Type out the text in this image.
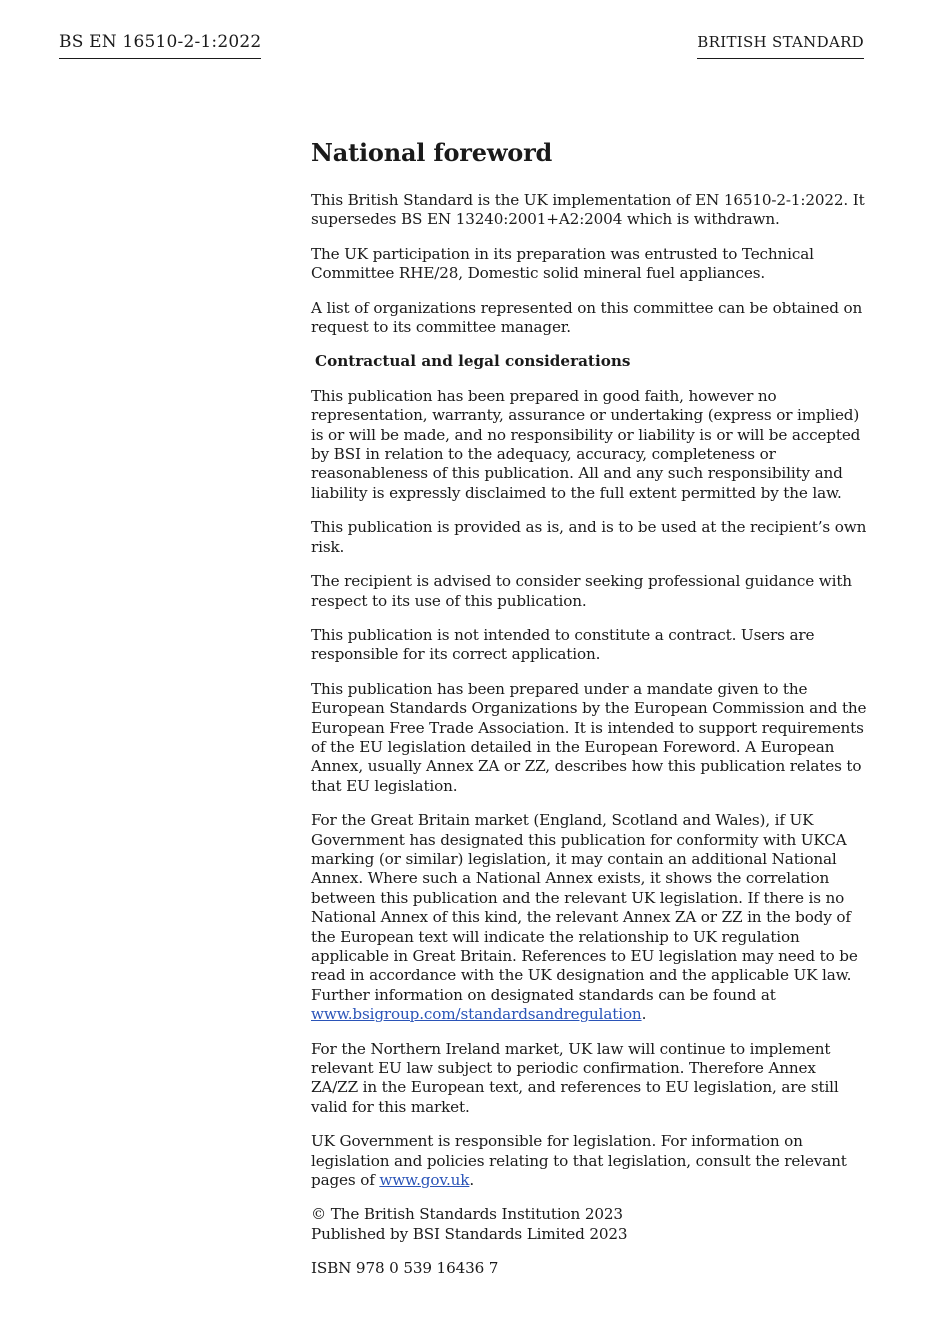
BS EN 16510-2-1:2022	BRITISH STANDARD
National foreword

This British Standard is the UK implementation of EN 16510-2-1:2022. It supersedes BS EN 13240:2001+A2:2004 which is withdrawn.

The UK participation in its preparation was entrusted to Technical Committee RHE/28, Domestic solid mineral fuel appliances.

A list of organizations represented on this committee can be obtained on request to its committee manager.

Contractual and legal considerations

This publication has been prepared in good faith, however no representation, warranty, assurance or undertaking (express or implied) is or will be made, and no responsibility or liability is or will be accepted by BSI in relation to the adequacy, accuracy, completeness or reasonableness of this publication. All and any such responsibility and liability is expressly disclaimed to the full extent permitted by the law.

This publication is provided as is, and is to be used at the recipient’s own risk.

The recipient is advised to consider seeking professional guidance with respect to its use of this publication.

This publication is not intended to constitute a contract. Users are responsible for its correct application.

This publication has been prepared under a mandate given to the European Standards Organizations by the European Commission and the European Free Trade Association. It is intended to support requirements of the EU legislation detailed in the European Foreword. A European Annex, usually Annex ZA or ZZ, describes how this publication relates to that EU legislation.

For the Great Britain market (England, Scotland and Wales), if UK Government has designated this publication for conformity with UKCA marking (or similar) legislation, it may contain an additional National Annex. Where such a National Annex exists, it shows the correlation between this publication and the relevant UK legislation. If there is no National Annex of this kind, the relevant Annex ZA or ZZ in the body of the European text will indicate the relationship to UK regulation applicable in Great Britain. References to EU legislation may need to be read in accordance with the UK designation and the applicable UK law. Further information on designated standards can be found at www.bsigroup.com/standardsandregulation.

For the Northern Ireland market, UK law will continue to implement relevant EU law subject to periodic confirmation. Therefore Annex ZA/ZZ in the European text, and references to EU legislation, are still valid for this market.

UK Government is responsible for legislation. For information on legislation and policies relating to that legislation, consult the relevant pages of www.gov.uk.

© The British Standards Institution 2023
Published by BSI Standards Limited 2023

ISBN 978 0 539 16436 7
